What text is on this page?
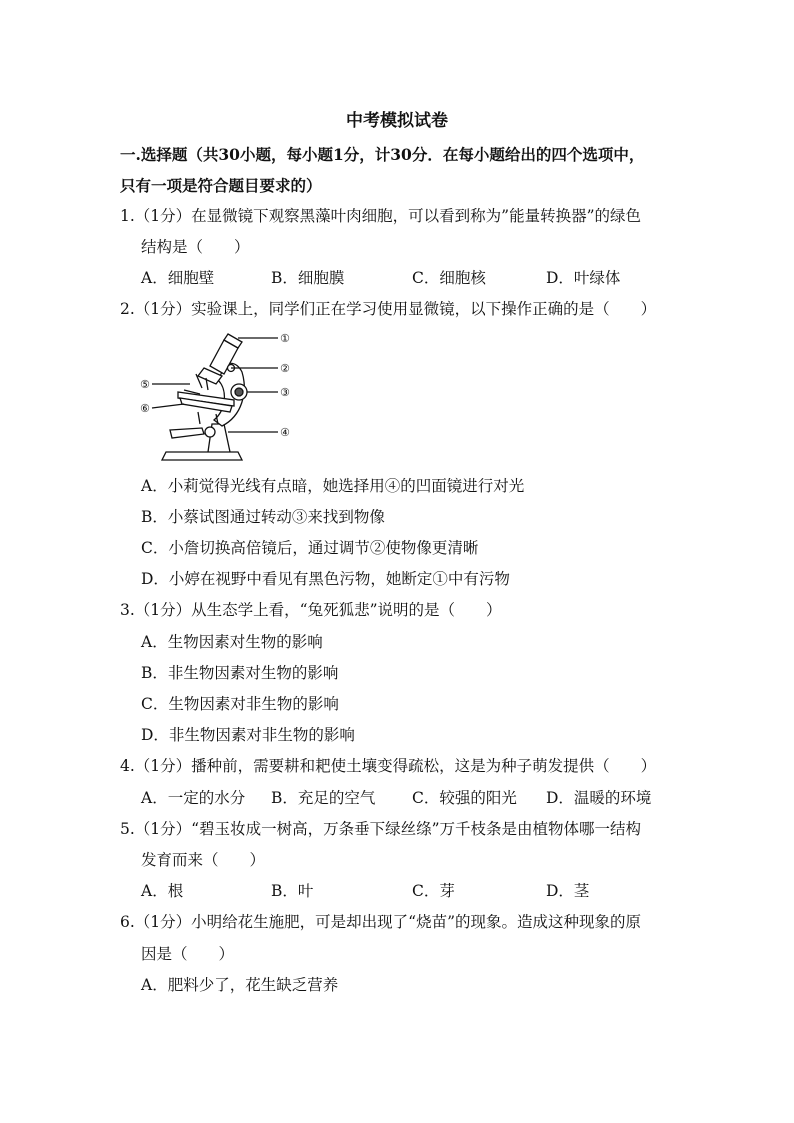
中考模拟试卷
一.选择题（共30小题，每小题1分，计30分．在每小题给出的四个选项中，
只有一项是符合题目要求的）
1.（1分）在显微镜下观察黑藻叶肉细胞，可以看到称为”能量转换器”的绿色
结构是（　　）
A．细胞壁	B．细胞膜	C．细胞核	D．叶绿体
2.（1分）实验课上，同学们正在学习使用显微镜，以下操作正确的是（　　）
①
②
③
④
⑤
⑥
A．小莉觉得光线有点暗，她选择用④的凹面镜进行对光
B．小蔡试图通过转动③来找到物像
C．小詹切换高倍镜后，通过调节②使物像更清晰
D．小婷在视野中看见有黑色污物，她断定①中有污物
3.（1分）从生态学上看，“兔死狐悲”说明的是（　　）
A．生物因素对生物的影响
B．非生物因素对生物的影响
C．生物因素对非生物的影响
D．非生物因素对非生物的影响
4.（1分）播种前，需要耕和耙使土壤变得疏松，这是为种子萌发提供（　　）
A．一定的水分 B．充足的空气 C．较强的阳光 D．温暖的环境
5.（1分）“碧玉妆成一树高，万条垂下绿丝绦”万千枝条是由植物体哪一结构
发育而来（　　）
A．根	B．叶	C．芽	D．茎
6.（1分）小明给花生施肥，可是却出现了“烧苗”的现象。造成这种现象的原
因是（　　）
A．肥料少了，花生缺乏营养
